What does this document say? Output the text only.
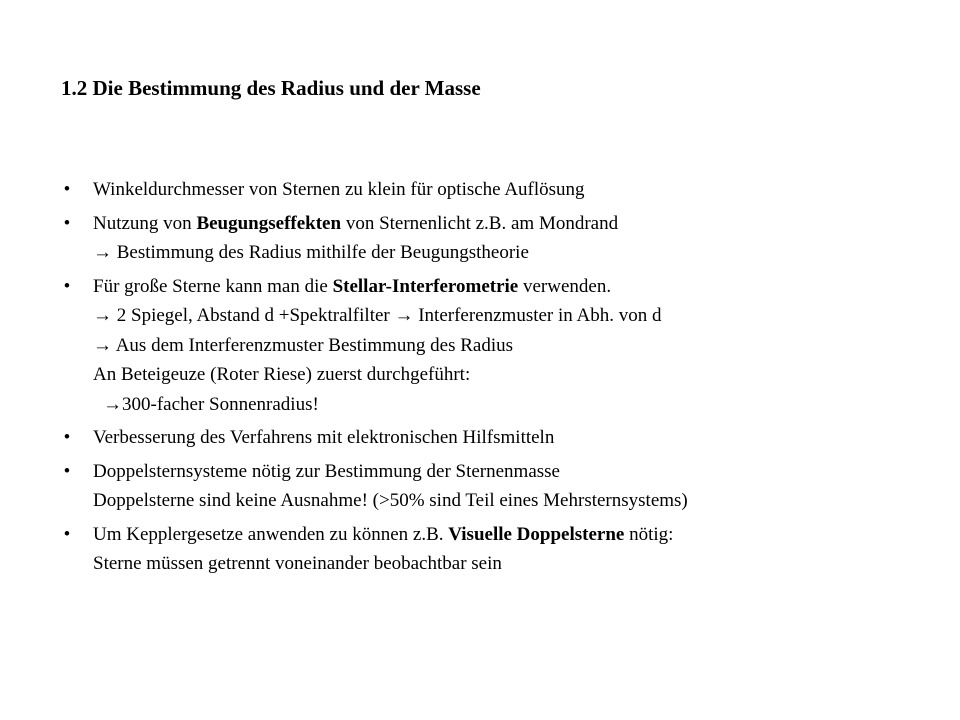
1.2 Die Bestimmung des Radius und der Masse
• Winkeldurchmesser von Sternen zu klein für optische Auflösung
• Nutzung von Beugungseffekten von Sternenlicht z.B. am Mondrand
→ Bestimmung des Radius mithilfe der Beugungstheorie
• Für große Sterne kann man die Stellar-Interferometrie verwenden.
→ 2 Spiegel, Abstand d +Spektralfilter → Interferenzmuster in Abh. von d
→ Aus dem Interferenzmuster Bestimmung des Radius
An Beteigeuze (Roter Riese) zuerst durchgeführt:
→300-facher Sonnenradius!
• Verbesserung des Verfahrens mit elektronischen Hilfsmitteln
• Doppelsternsysteme nötig zur Bestimmung der Sternenmasse
Doppelsterne sind keine Ausnahme! (>50% sind Teil eines Mehrsternsystems)
• Um Kepplergesetze anwenden zu können z.B. Visuelle Doppelsterne nötig:
Sterne müssen getrennt voneinander beobachtbar sein
